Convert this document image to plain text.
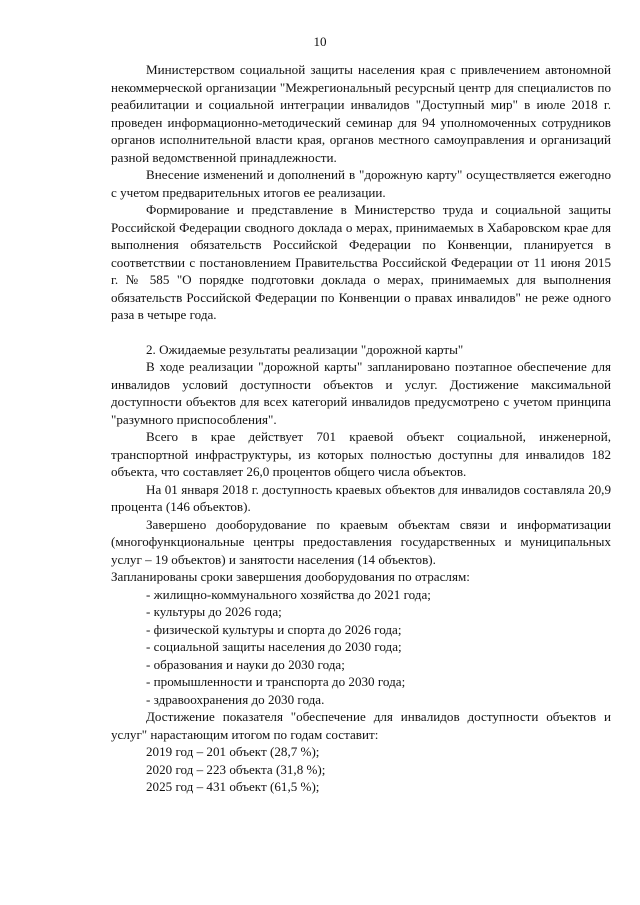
10

Министерством социальной защиты населения края с привлечением автономной некоммерческой организации "Межрегиональный ресурсный центр для специалистов по реабилитации и социальной интеграции инвалидов "Доступный мир" в июле 2018 г. проведен информационно-методический семинар для 94 уполномоченных сотрудников органов исполнительной власти края, органов местного самоуправления и организаций разной ведомственной принадлежности.

Внесение изменений и дополнений в "дорожную карту" осуществляется ежегодно с учетом предварительных итогов ее реализации.

Формирование и представление в Министерство труда и социальной защиты Российской Федерации сводного доклада о мерах, принимаемых в Хабаровском крае для выполнения обязательств Российской Федерации по Конвенции, планируется в соответствии с постановлением Правительства Российской Федерации от 11 июня 2015 г. № 585 "О порядке подготовки доклада о мерах, принимаемых для выполнения обязательств Российской Федерации по Конвенции о правах инвалидов" не реже одного раза в четыре года.

2. Ожидаемые результаты реализации "дорожной карты"

В ходе реализации "дорожной карты" запланировано поэтапное обеспечение для инвалидов условий доступности объектов и услуг. Достижение максимальной доступности объектов для всех категорий инвалидов предусмотрено с учетом принципа "разумного приспособления".

Всего в крае действует 701 краевой объект социальной, инженерной, транспортной инфраструктуры, из которых полностью доступны для инвалидов 182 объекта, что составляет 26,0 процентов общего числа объектов.

На 01 января 2018 г. доступность краевых объектов для инвалидов составляла 20,9 процента (146 объектов).

Завершено дооборудование по краевым объектам связи и информатизации (многофункциональные центры предоставления государственных и муниципальных услуг – 19 объектов) и занятости населения (14 объектов).

Запланированы сроки завершения дооборудования по отраслям:

- жилищно-коммунального хозяйства до 2021 года;

- культуры до 2026 года;

- физической культуры и спорта до 2026 года;

- социальной защиты населения до 2030 года;

- образования и науки до 2030 года;

- промышленности и транспорта до 2030 года;

- здравоохранения до 2030 года.

Достижение показателя "обеспечение для инвалидов доступности объектов и услуг" нарастающим итогом по годам составит:

2019 год – 201 объект (28,7 %);

2020 год – 223 объекта (31,8 %);

2025 год – 431 объект (61,5 %);
